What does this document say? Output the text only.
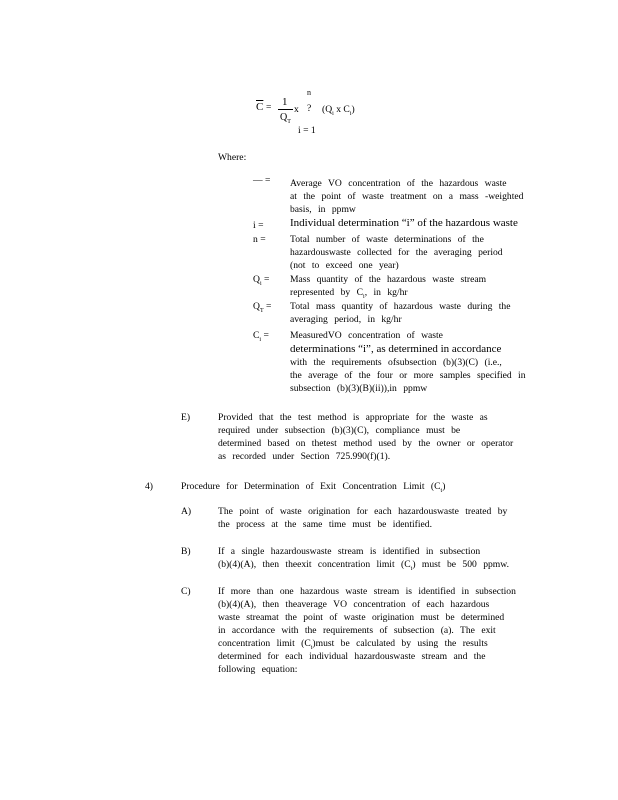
n
$\overline{C} = 1$
$Q_T$
x ? ($Q_i$ x $C_i$)
i = 1
Where:
— =	Average VO concentration of the hazardous waste
at the point of waste treatment on a mass -weighted
basis, in ppmw
i =	Individual determination “i” of the hazardous waste
n =	Total number of waste determinations of the
hazardouswaste collected for the averaging period
(not to exceed one year)
$Q_i$ =	Mass quantity of the hazardous waste stream
represented by $C_i$, in kg/hr
$Q_T$ =	Total mass quantity of hazardous waste during the
averaging period, in kg/hr
$C_i$ =	MeasuredVO concentration of waste
determinations “i”, as determined in accordance
with the requirements ofsubsection (b)(3)(C) (i.e.,
the average of the four or more samples specified in
subsection (b)(3)(B)(ii)),in ppmw
E)	Provided that the test method is appropriate for the waste as
required under subsection (b)(3)(C), compliance must be
determined based on thetest method used by the owner or operator
as recorded under Section 725.990(f)(1).
4)	Procedure for Determination of Exit Concentration Limit $(C_t)$
A)	The point of waste origination for each hazardouswaste treated by
the process at the same time must be identified.
B)	If a single hazardouswaste stream is identified in subsection
(b)(4)(A), then theexit concentration limit $(C_t)$ must be 500 ppmw.
C)	If more than one hazardous waste stream is identified in subsection
(b)(4)(A), then theaverage VO concentration of each hazardous
waste streamat the point of waste origination must be determined
in accordance with the requirements of subsection (a). The exit
concentration limit $(C_t)must$ be calculated by using the results
determined for each individual hazardouswaste stream and the
following equation:
